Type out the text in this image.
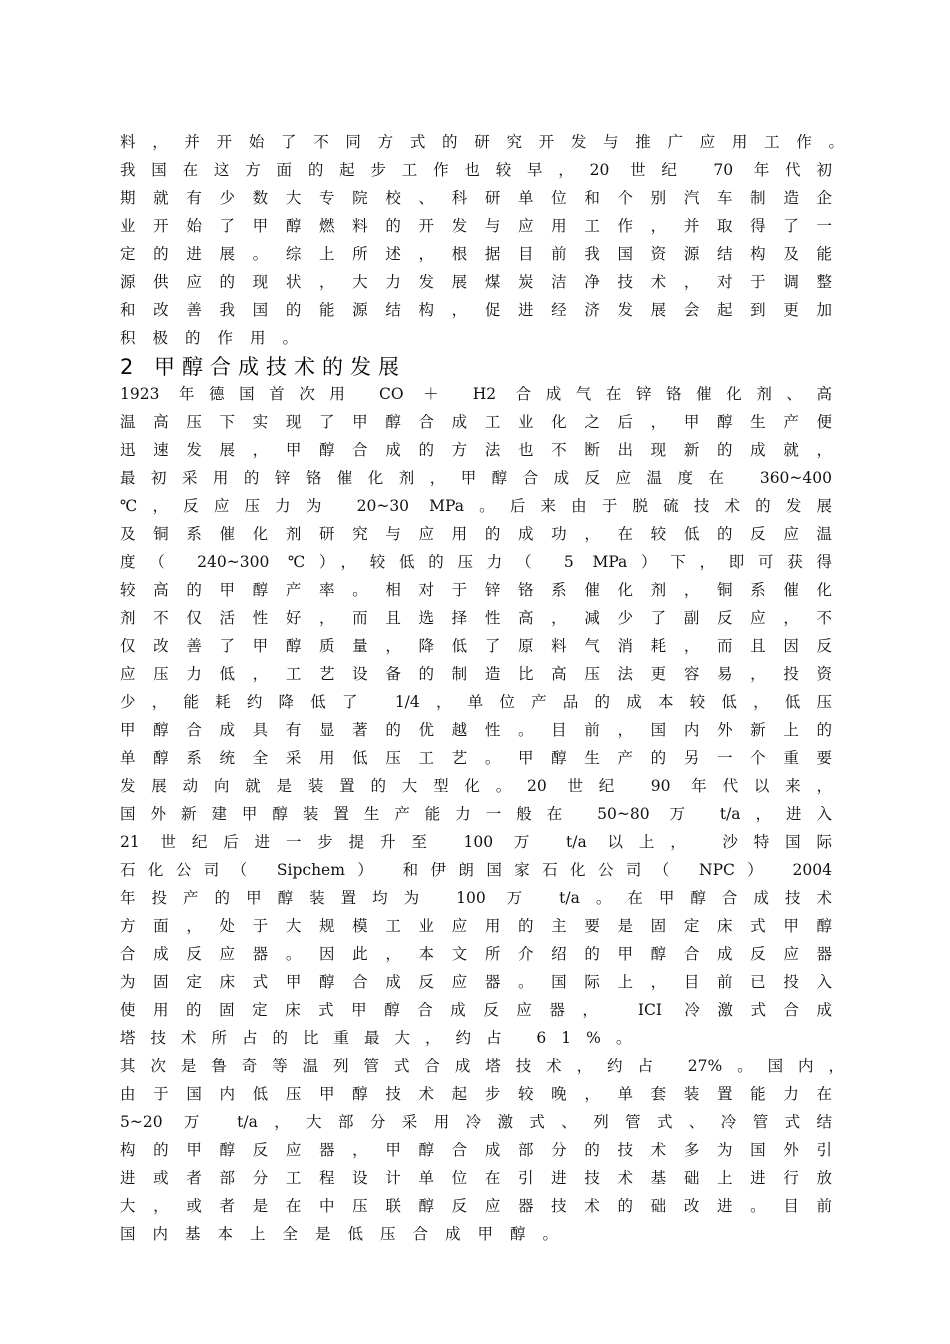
料，并开始了不同方式的研究开发与推广应用工作。
我国在这方面的起步工作也较早，20 世纪 70 年代初
期就有少数大专院校、科研单位和个别汽车制造企
业开始了甲醇燃料的开发与应用工作，并取得了一
定的进展。综上所述，根据目前我国资源结构及能
源供应的现状，大力发展煤炭洁净技术，对于调整
和改善我国的能源结构，促进经济发展会起到更加
积极的作用。
2 甲醇合成技术的发展
1923 年德国首次用 CO ＋ H2 合成气在锌铬催化剂、高
温高压下实现了甲醇合成工业化之后，甲醇生产便
迅速发展，甲醇合成的方法也不断出现新的成就，
最初采用的锌铬催化剂，甲醇合成反应温度在 360~400
℃，反应压力为 20~30 MPa。后来由于脱硫技术的发展
及铜系催化剂研究与应用的成功，在较低的反应温
度（ 240~300 ℃），较低的压力（ 5 MPa）下，即可获得
较高的甲醇产率。相对于锌铬系催化剂，铜系催化
剂不仅活性好，而且选择性高，减少了副反应，不
仅改善了甲醇质量，降低了原料气消耗，而且因反
应压力低，工艺设备的制造比高压法更容易，投资
少，能耗约降低了 1/4，单位产品的成本较低，低压
甲醇合成具有显著的优越性。目前，国内外新上的
单醇系统全采用低压工艺。甲醇生产的另一个重要
发展动向就是装置的大型化。20 世纪 90 年代以来，
国外新建甲醇装置生产能力一般在 50~80 万 t/a，进入
21 世纪后进一步提升至 100 万 t/a 以上， 沙特国际
石化公司（ Sipchem） 和伊朗国家石化公司（ NPC） 2004
年投产的甲醇装置均为 100 万 t/a。在甲醇合成技术
方面，处于大规模工业应用的主要是固定床式甲醇
合成反应器。因此，本文所介绍的甲醇合成反应器
为固定床式甲醇合成反应器。国际上，目前已投入
使用的固定床式甲醇合成反应器， ICI 冷激式合成
塔技术所占的比重最大，约占 61%。
其次是鲁奇等温列管式合成塔技术，约占 27%。国内，
由于国内低压甲醇技术起步较晚，单套装置能力在
5~20 万 t/a，大部分采用冷激式、列管式、冷管式结
构的甲醇反应器，甲醇合成部分的技术多为国外引
进或者部分工程设计单位在引进技术基础上进行放
大，或者是在中压联醇反应器技术的础改进。目前
国内基本上全是低压合成甲醇。
